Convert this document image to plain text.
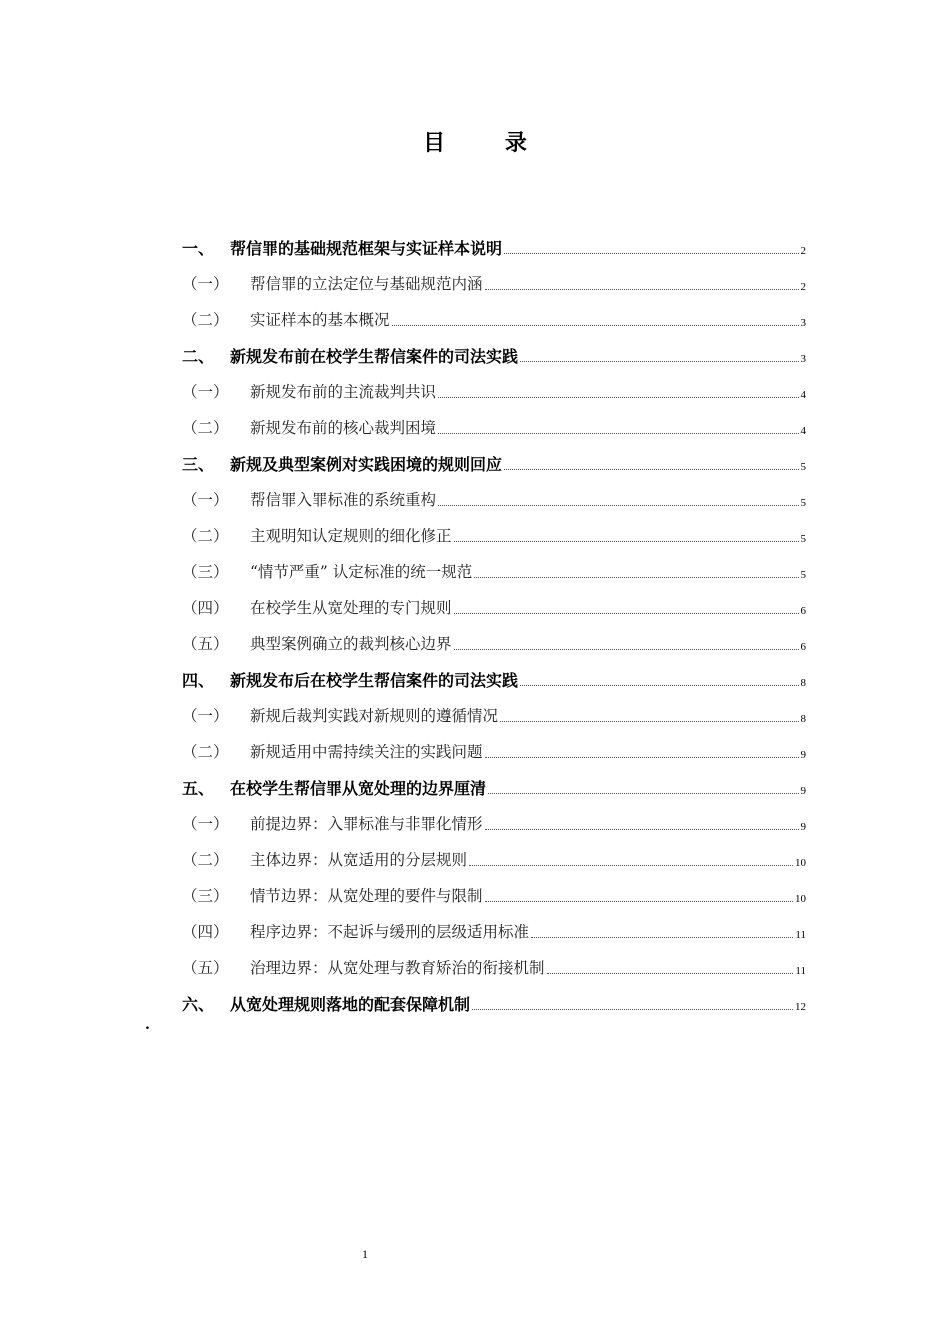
目 录
一、 帮信罪的基础规范框架与实证样本说明	2
（一）	帮信罪的立法定位与基础规范内涵	2
（二）	实证样本的基本概况	3
二、 新规发布前在校学生帮信案件的司法实践	3
（一）	新规发布前的主流裁判共识	4
（二）	新规发布前的核心裁判困境	4
三、 新规及典型案例对实践困境的规则回应	5
（一）	帮信罪入罪标准的系统重构	5
（二）	主观明知认定规则的细化修正	5
（三）	“情节严重” 认定标准的统一规范	5
（四）	在校学生从宽处理的专门规则	6
（五）	典型案例确立的裁判核心边界	6
四、 新规发布后在校学生帮信案件的司法实践	8
（一）	新规后裁判实践对新规则的遵循情况	8
（二）	新规适用中需持续关注的实践问题	9
五、 在校学生帮信罪从宽处理的边界厘清	9
（一）	前提边界：入罪标准与非罪化情形	9
（二）	主体边界：从宽适用的分层规则	10
（三）	情节边界：从宽处理的要件与限制	10
（四）	程序边界：不起诉与缓刑的层级适用标准	11
（五）	治理边界：从宽处理与教育矫治的衔接机制	11
六、 从宽处理规则落地的配套保障机制	12
.
1
